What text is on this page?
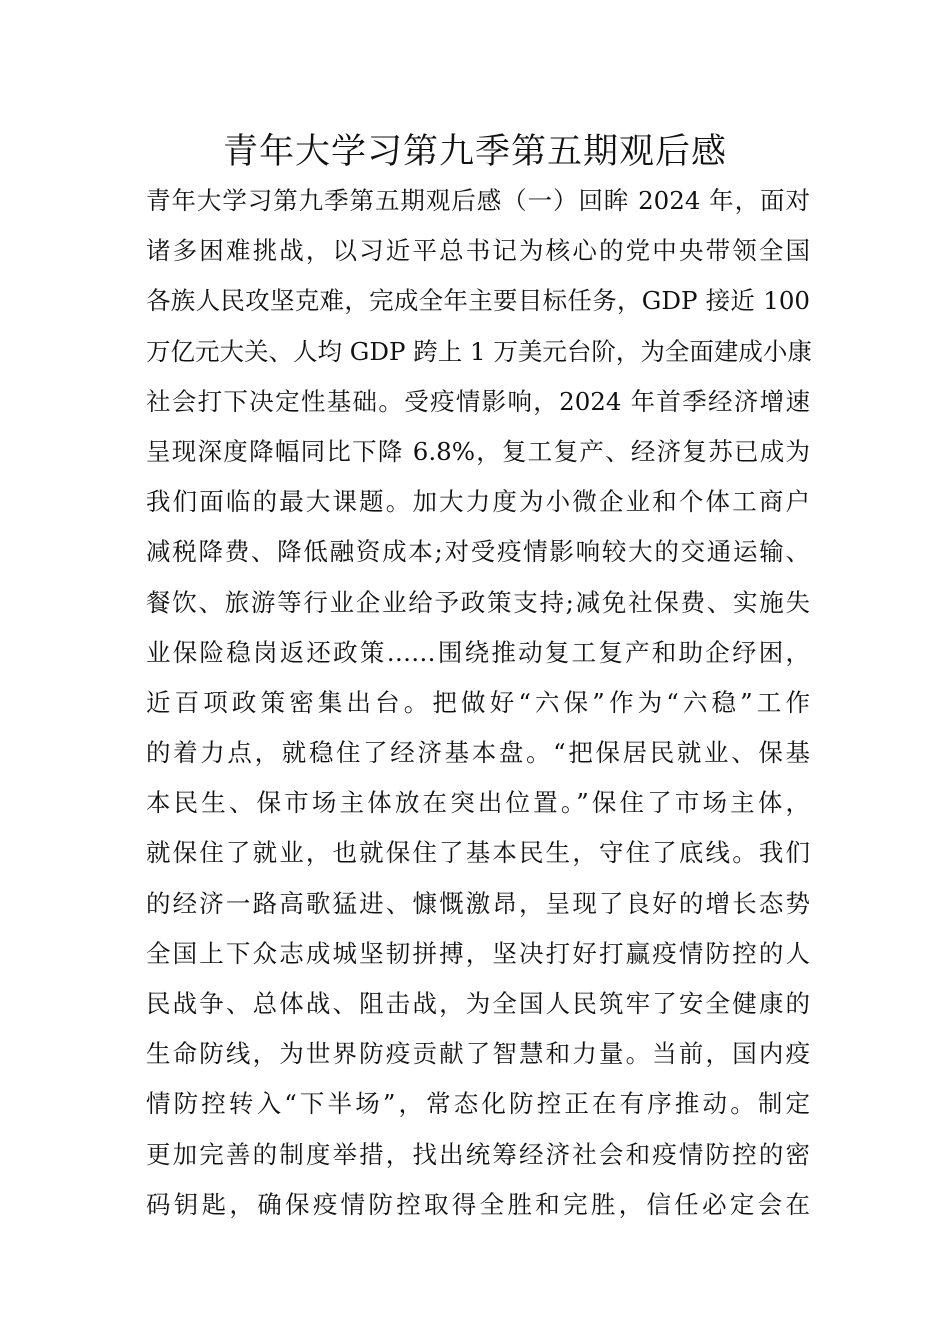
青年大学习第九季第五期观后感
青年大学习第九季第五期观后感（一）回眸 2024 年，面对
诸多困难挑战，以习近平总书记为核心的党中央带领全国
各族人民攻坚克难，完成全年主要目标任务，GDP 接近 100
万亿元大关、人均 GDP 跨上 1 万美元台阶，为全面建成小康
社会打下决定性基础。受疫情影响，2024 年首季经济增速
呈现深度降幅同比下降 6.8%，复工复产、经济复苏已成为
我们面临的最大课题。加大力度为小微企业和个体工商户
减税降费、降低融资成本;对受疫情影响较大的交通运输、
餐饮、旅游等行业企业给予政策支持;减免社保费、实施失
业保险稳岗返还政策……围绕推动复工复产和助企纾困，
近百项政策密集出台。把做好“六保”作为“六稳”工作
的着力点，就稳住了经济基本盘。“把保居民就业、保基
本民生、保市场主体放在突出位置。”保住了市场主体，
就保住了就业，也就保住了基本民生，守住了底线。我们
的经济一路高歌猛进、慷慨激昂，呈现了良好的增长态势
全国上下众志成城坚韧拼搏，坚决打好打赢疫情防控的人
民战争、总体战、阻击战，为全国人民筑牢了安全健康的
生命防线，为世界防疫贡献了智慧和力量。当前，国内疫
情防控转入“下半场”，常态化防控正在有序推动。制定
更加完善的制度举措，找出统筹经济社会和疫情防控的密
码钥匙，确保疫情防控取得全胜和完胜，信任必定会在
